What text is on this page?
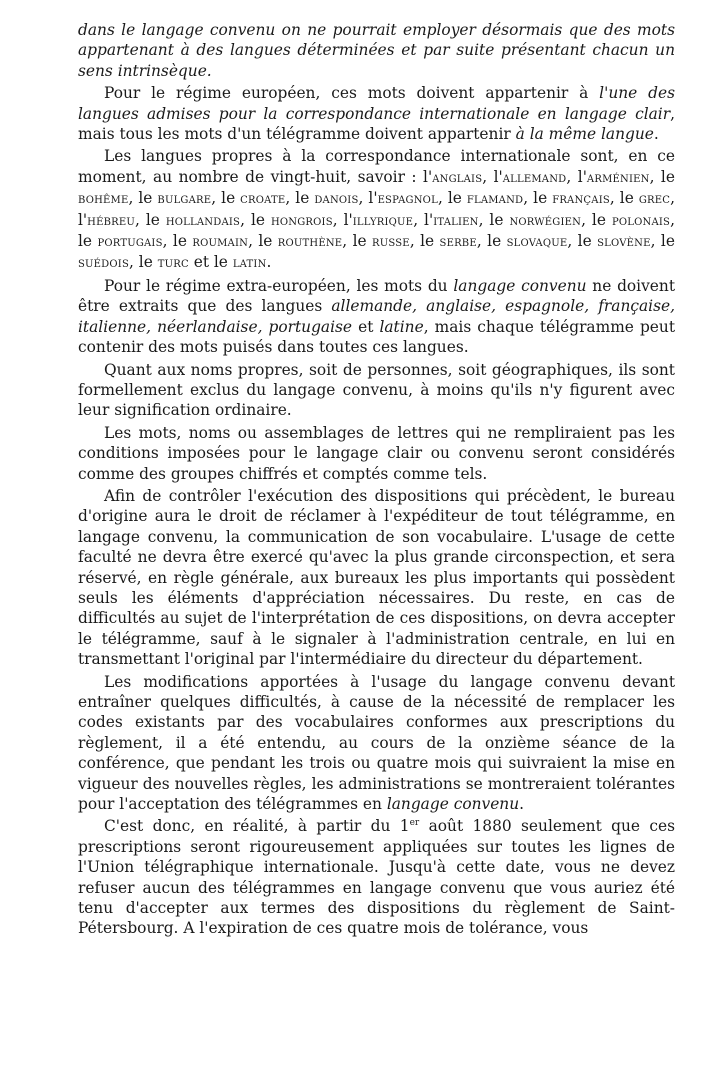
dans le langage convenu on ne pourrait employer désormais que des mots appartenant à des langues déterminées et par suite présentant chacun un sens intrinsèque.

Pour le régime européen, ces mots doivent appartenir à l'une des langues admises pour la correspondance internationale en langage clair, mais tous les mots d'un télégramme doivent appartenir à la même langue.

Les langues propres à la correspondance internationale sont, en ce moment, au nombre de vingt-huit, savoir : l'anglais, l'allemand, l'arménien, le bohême, le bulgare, le croate, le danois, l'espagnol, le flamand, le français, le grec, l'hébreu, le hollandais, le hongrois, l'illyrique, l'italien, le norwégien, le polonais, le portugais, le roumain, le routhène, le russe, le serbe, le slovaque, le slovène, le suédois, le turc et le latin.

Pour le régime extra-européen, les mots du langage convenu ne doivent être extraits que des langues allemande, anglaise, espagnole, française, italienne, néerlandaise, portugaise et latine, mais chaque télégramme peut contenir des mots puisés dans toutes ces langues.

Quant aux noms propres, soit de personnes, soit géographiques, ils sont formellement exclus du langage convenu, à moins qu'ils n'y figurent avec leur signification ordinaire.

Les mots, noms ou assemblages de lettres qui ne rempliraient pas les conditions imposées pour le langage clair ou convenu seront considérés comme des groupes chiffrés et comptés comme tels.

Afin de contrôler l'exécution des dispositions qui précèdent, le bureau d'origine aura le droit de réclamer à l'expéditeur de tout télégramme, en langage convenu, la communication de son vocabulaire. L'usage de cette faculté ne devra être exercé qu'avec la plus grande circonspection, et sera réservé, en règle générale, aux bureaux les plus importants qui possèdent seuls les éléments d'appréciation nécessaires. Du reste, en cas de difficultés au sujet de l'interprétation de ces dispositions, on devra accepter le télégramme, sauf à le signaler à l'administration centrale, en lui en transmettant l'original par l'intermédiaire du directeur du département.

Les modifications apportées à l'usage du langage convenu devant entraîner quelques difficultés, à cause de la nécessité de remplacer les codes existants par des vocabulaires conformes aux prescriptions du règlement, il a été entendu, au cours de la onzième séance de la conférence, que pendant les trois ou quatre mois qui suivraient la mise en vigueur des nouvelles règles, les administrations se montreraient tolérantes pour l'acceptation des télégrammes en langage convenu.

C'est donc, en réalité, à partir du 1er août 1880 seulement que ces prescriptions seront rigoureusement appliquées sur toutes les lignes de l'Union télégraphique internationale. Jusqu'à cette date, vous ne devez refuser aucun des télégrammes en langage convenu que vous auriez été tenu d'accepter aux termes des dispositions du règlement de Saint-Pétersbourg. A l'expiration de ces quatre mois de tolérance, vous
